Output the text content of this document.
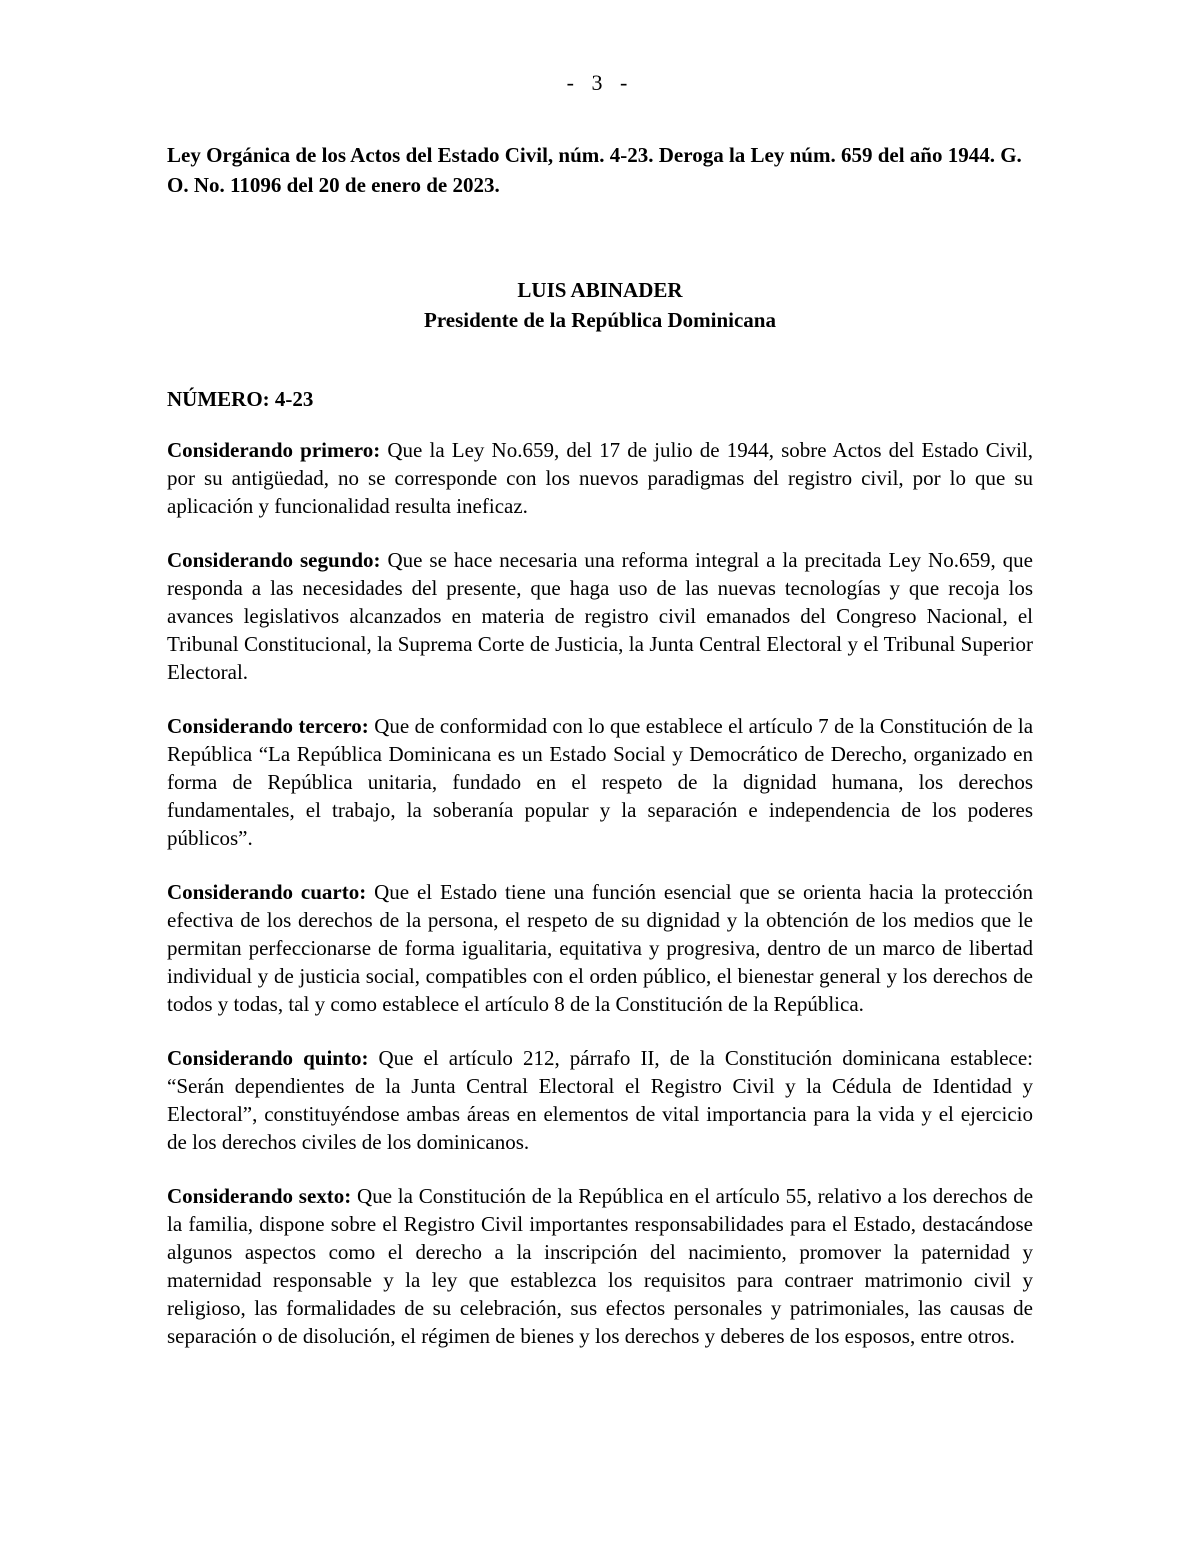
- 3 -
Ley Orgánica de los Actos del Estado Civil, núm. 4-23. Deroga la Ley núm. 659 del año 1944. G. O. No. 11096 del 20 de enero de 2023.
LUIS ABINADER
Presidente de la República Dominicana
NÚMERO: 4-23

Considerando primero: Que la Ley No.659, del 17 de julio de 1944, sobre Actos del Estado Civil, por su antigüedad, no se corresponde con los nuevos paradigmas del registro civil, por lo que su aplicación y funcionalidad resulta ineficaz.

Considerando segundo: Que se hace necesaria una reforma integral a la precitada Ley No.659, que responda a las necesidades del presente, que haga uso de las nuevas tecnologías y que recoja los avances legislativos alcanzados en materia de registro civil emanados del Congreso Nacional, el Tribunal Constitucional, la Suprema Corte de Justicia, la Junta Central Electoral y el Tribunal Superior Electoral.

Considerando tercero: Que de conformidad con lo que establece el artículo 7 de la Constitución de la República “La República Dominicana es un Estado Social y Democrático de Derecho, organizado en forma de República unitaria, fundado en el respeto de la dignidad humana, los derechos fundamentales, el trabajo, la soberanía popular y la separación e independencia de los poderes públicos”.

Considerando cuarto: Que el Estado tiene una función esencial que se orienta hacia la protección efectiva de los derechos de la persona, el respeto de su dignidad y la obtención de los medios que le permitan perfeccionarse de forma igualitaria, equitativa y progresiva, dentro de un marco de libertad individual y de justicia social, compatibles con el orden público, el bienestar general y los derechos de todos y todas, tal y como establece el artículo 8 de la Constitución de la República.

Considerando quinto: Que el artículo 212, párrafo II, de la Constitución dominicana establece: “Serán dependientes de la Junta Central Electoral el Registro Civil y la Cédula de Identidad y Electoral”, constituyéndose ambas áreas en elementos de vital importancia para la vida y el ejercicio de los derechos civiles de los dominicanos.

Considerando sexto: Que la Constitución de la República en el artículo 55, relativo a los derechos de la familia, dispone sobre el Registro Civil importantes responsabilidades para el Estado, destacándose algunos aspectos como el derecho a la inscripción del nacimiento, promover la paternidad y maternidad responsable y la ley que establezca los requisitos para contraer matrimonio civil y religioso, las formalidades de su celebración, sus efectos personales y patrimoniales, las causas de separación o de disolución, el régimen de bienes y los derechos y deberes de los esposos, entre otros.
